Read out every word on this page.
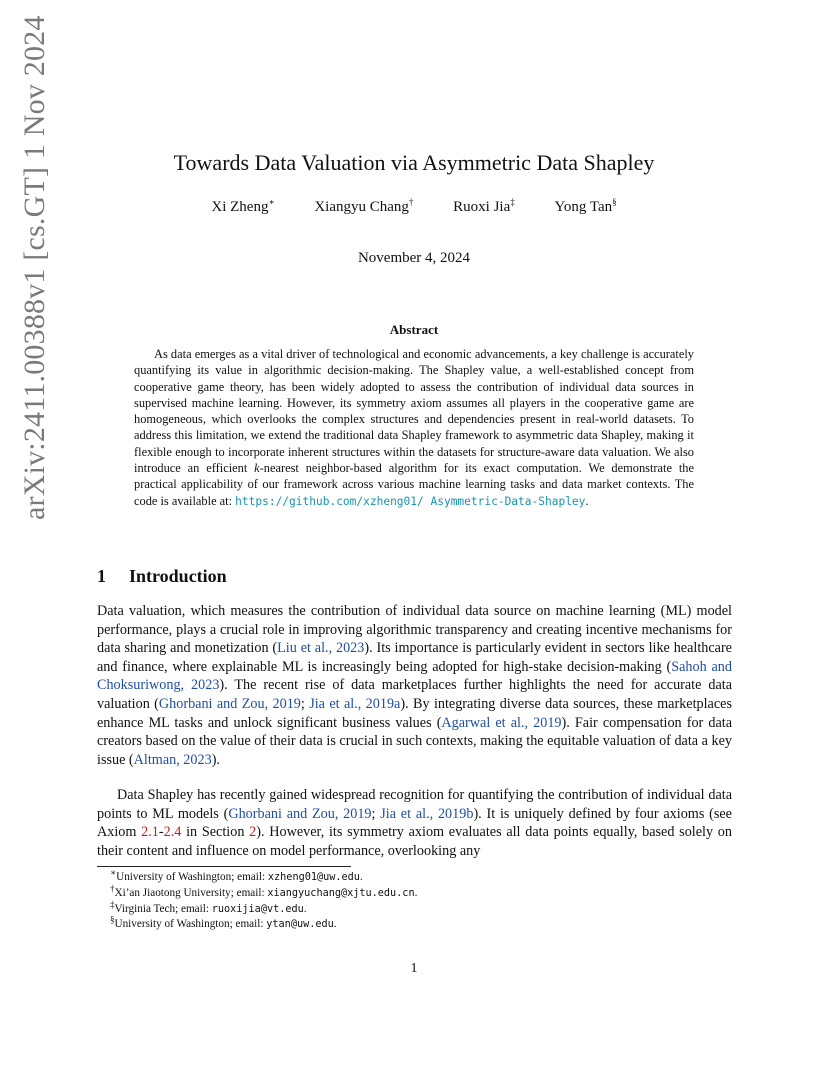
arXiv:2411.00388v1 [cs.GT] 1 Nov 2024	Towards Data Valuation via Asymmetric Data Shapley
Xi Zheng∗	Xiangyu Chang†	Ruoxi Jia‡	Yong Tan§
November 4, 2024
Abstract
As data emerges as a vital driver of technological and economic advancements, a key challenge is accurately quantifying its value in algorithmic decision-making. The Shapley value, a well-established concept from cooperative game theory, has been widely adopted to assess the contribution of individual data sources in supervised machine learning. However, its symmetry axiom assumes all players in the cooperative game are homogeneous, which overlooks the complex structures and dependencies present in real-world datasets. To address this limitation, we extend the traditional data Shapley framework to asymmetric data Shapley, making it flexible enough to incorporate inherent structures within the datasets for structure-aware data valuation. We also introduce an efficient k-nearest neighbor-based algorithm for its exact computation. We demonstrate the practical applicability of our framework across various machine learning tasks and data market contexts. The code is available at: https://github.com/xzheng01/ Asymmetric-Data-Shapley.
1 Introduction
Data valuation, which measures the contribution of individual data source on machine learning (ML) model performance, plays a crucial role in improving algorithmic transparency and creating incentive mechanisms for data sharing and monetization (Liu et al., 2023). Its importance is particularly evident in sectors like healthcare and finance, where explainable ML is increasingly being adopted for high-stake decision-making (Sahoh and Choksuriwong, 2023). The recent rise of data marketplaces further highlights the need for accurate data valuation (Ghorbani and Zou, 2019; Jia et al., 2019a). By integrating diverse data sources, these marketplaces enhance ML tasks and unlock significant business values (Agarwal et al., 2019). Fair compensation for data creators based on the value of their data is crucial in such contexts, making the equitable valuation of data a key issue (Altman, 2023).
Data Shapley has recently gained widespread recognition for quantifying the contribution of individual data points to ML models (Ghorbani and Zou, 2019; Jia et al., 2019b). It is uniquely defined by four axioms (see Axiom 2.1-2.4 in Section 2). However, its symmetry axiom evaluates all data points equally, based solely on their content and influence on model performance, overlooking any
∗University of Washington; email: xzheng01@uw.edu.
†Xi’an Jiaotong University; email: xiangyuchang@xjtu.edu.cn.
‡Virginia Tech; email: ruoxijia@vt.edu.
§University of Washington; email: ytan@uw.edu.
1
